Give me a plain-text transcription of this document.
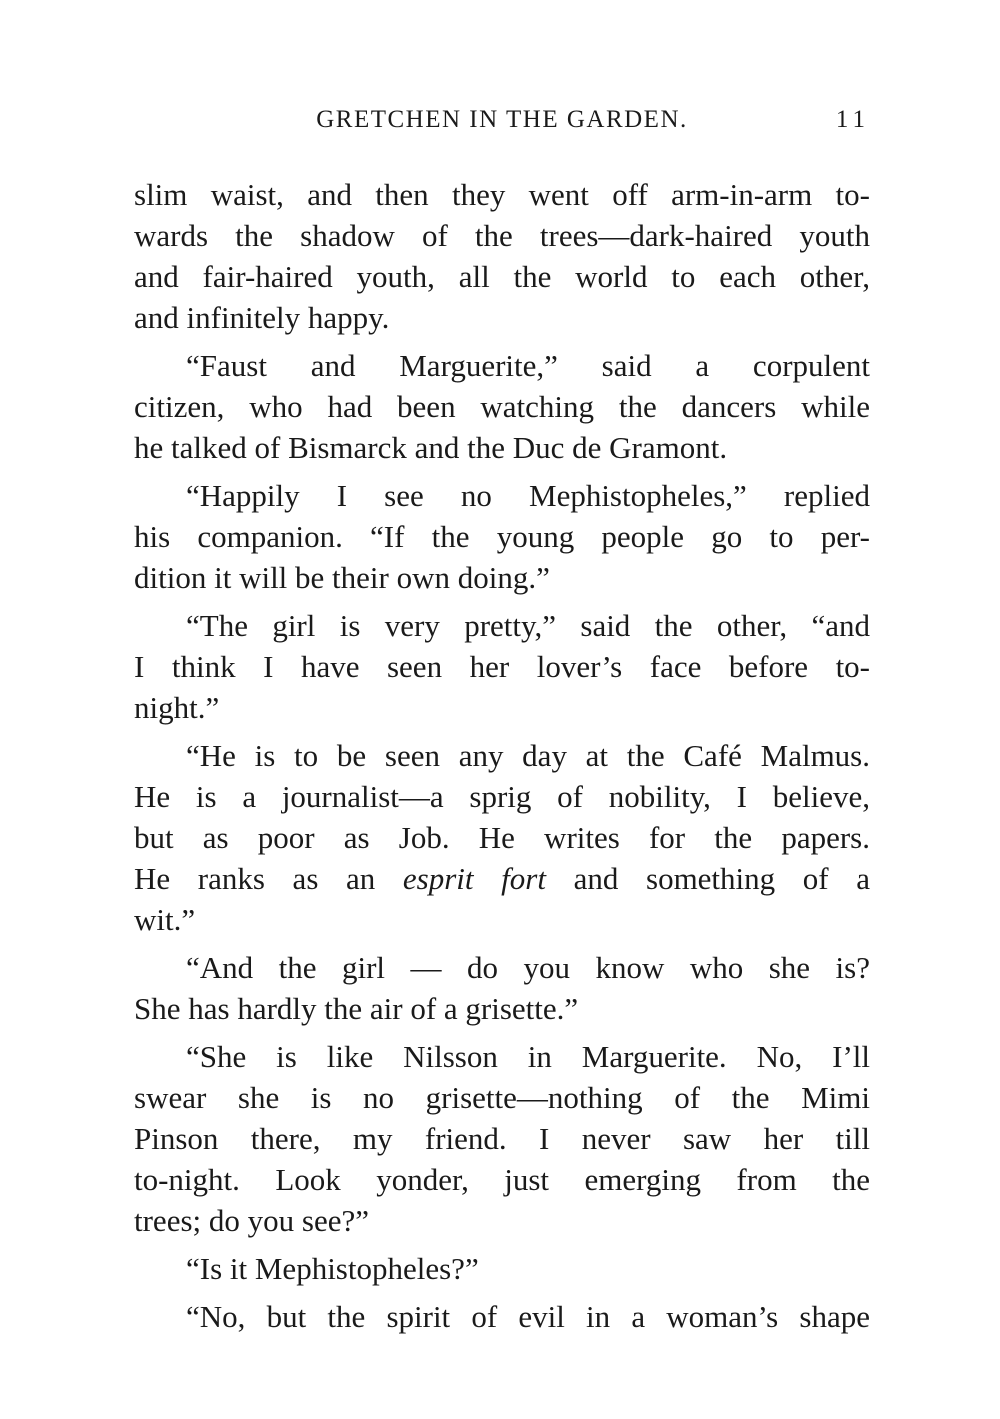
GRETCHEN IN THE GARDEN.	11
slim waist, and then they went off arm-in-arm to-
wards the shadow of the trees—dark-haired youth
and fair-haired youth, all the world to each other,
and infinitely happy.
“Faust and Marguerite,” said a corpulent
citizen, who had been watching the dancers while
he talked of Bismarck and the Duc de Gramont.
“Happily I see no Mephistopheles,” replied
his companion. “If the young people go to per-
dition it will be their own doing.”
“The girl is very pretty,” said the other, “and
I think I have seen her lover’s face before to-
night.”
“He is to be seen any day at the Café Malmus.
He is a journalist—a sprig of nobility, I believe,
but as poor as Job. He writes for the papers.
He ranks as an esprit fort and something of a
wit.”
“And the girl — do you know who she is?
She has hardly the air of a grisette.”
“She is like Nilsson in Marguerite. No, I’ll
swear she is no grisette—nothing of the Mimi
Pinson there, my friend. I never saw her till
to-night. Look yonder, just emerging from the
trees; do you see?”
“Is it Mephistopheles?”
“No, but the spirit of evil in a woman’s shape
